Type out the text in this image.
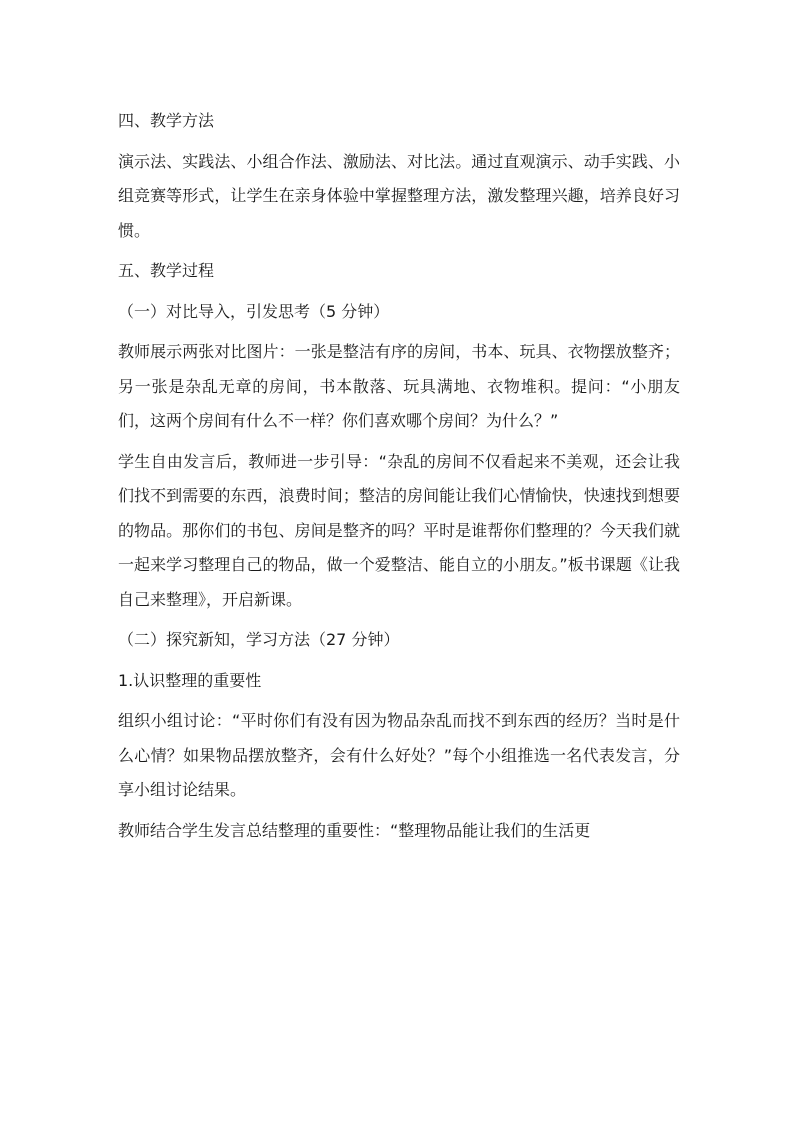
四、教学方法

演示法、实践法、小组合作法、激励法、对比法。通过直观演示、动手实践、小组竞赛等形式，让学生在亲身体验中掌握整理方法，激发整理兴趣，培养良好习惯。

五、教学过程

（一）对比导入，引发思考（5 分钟）

教师展示两张对比图片：一张是整洁有序的房间，书本、玩具、衣物摆放整齐；另一张是杂乱无章的房间，书本散落、玩具满地、衣物堆积。提问：“小朋友们，这两个房间有什么不一样？你们喜欢哪个房间？为什么？”

学生自由发言后，教师进一步引导：“杂乱的房间不仅看起来不美观，还会让我们找不到需要的东西，浪费时间；整洁的房间能让我们心情愉快，快速找到想要的物品。那你们的书包、房间是整齐的吗？平时是谁帮你们整理的？今天我们就一起来学习整理自己的物品，做一个爱整洁、能自立的小朋友。”板书课题《让我自己来整理》，开启新课。

（二）探究新知，学习方法（27 分钟）

1.认识整理的重要性

组织小组讨论：“平时你们有没有因为物品杂乱而找不到东西的经历？当时是什么心情？如果物品摆放整齐，会有什么好处？”每个小组推选一名代表发言，分享小组讨论结果。

教师结合学生发言总结整理的重要性：“整理物品能让我们的生活更
